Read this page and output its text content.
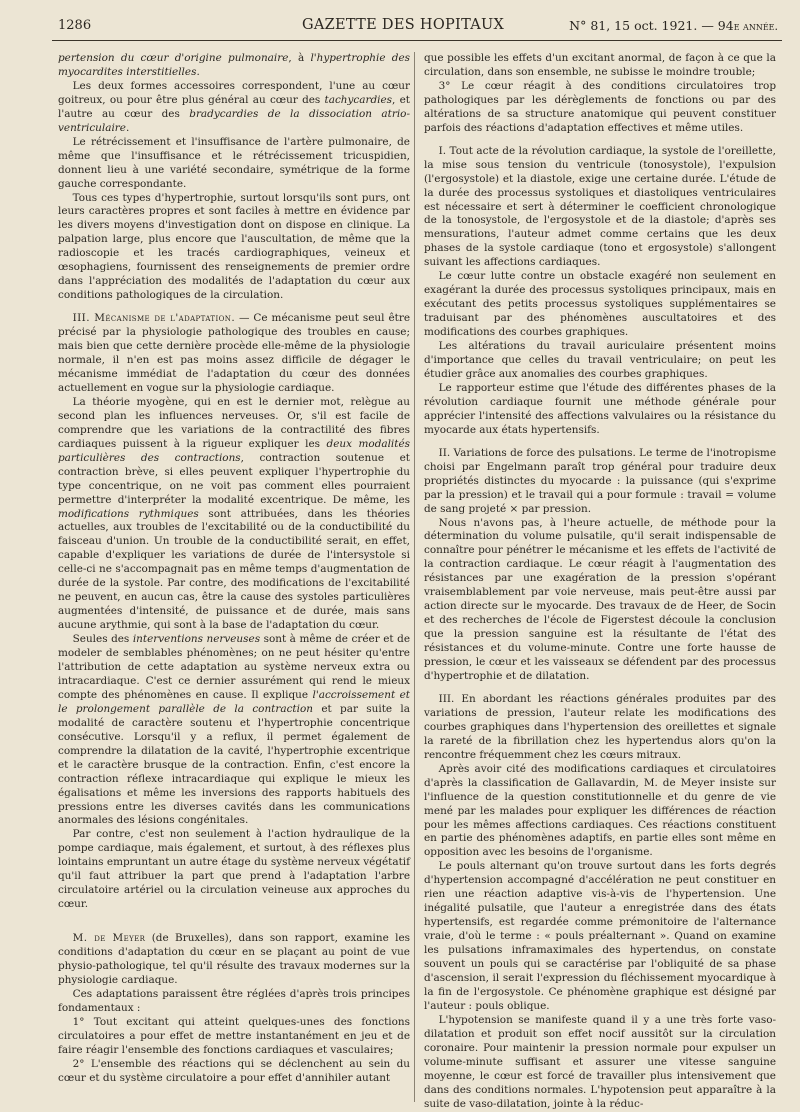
1286	GAZETTE DES HOPITAUX	N° 81, 15 oct. 1921. — 94e année.

pertension du cœur d'origine pulmonaire, à l'hypertrophie des myocardites interstitielles.

Les deux formes accessoires correspondent, l'une au cœur goitreux, ou pour être plus général au cœur des tachycardies, et l'autre au cœur des bradycardies de la dissociation atrio-ventriculaire.

Le rétrécissement et l'insuffisance de l'artère pulmonaire, de même que l'insuffisance et le rétrécissement tricuspidien, donnent lieu à une variété secondaire, symétrique de la forme gauche correspondante.

Tous ces types d'hypertrophie, surtout lorsqu'ils sont purs, ont leurs caractères propres et sont faciles à mettre en évidence par les divers moyens d'investigation dont on dispose en clinique. La palpation large, plus encore que l'auscultation, de même que la radioscopie et les tracés cardiographiques, veineux et œsophagiens, fournissent des renseignements de premier ordre dans l'appréciation des modalités de l'adaptation du cœur aux conditions pathologiques de la circulation.

III. Mécanisme de l'adaptation. — Ce mécanisme peut seul être précisé par la physiologie pathologique des troubles en cause; mais bien que cette dernière procède elle-même de la physiologie normale, il n'en est pas moins assez difficile de dégager le mécanisme immédiat de l'adaptation du cœur des données actuellement en vogue sur la physiologie cardiaque.

La théorie myogène, qui en est le dernier mot, relègue au second plan les influences nerveuses. Or, s'il est facile de comprendre que les variations de la contractilité des fibres cardiaques puissent à la rigueur expliquer les deux modalités particulières des contractions, contraction soutenue et contraction brève, si elles peuvent expliquer l'hypertrophie du type concentrique, on ne voit pas comment elles pourraient permettre d'interpréter la modalité excentrique. De même, les modifications rythmiques sont attribuées, dans les théories actuelles, aux troubles de l'excitabilité ou de la conductibilité du faisceau d'union. Un trouble de la conductibilité serait, en effet, capable d'expliquer les variations de durée de l'intersystole si celle-ci ne s'accompagnait pas en même temps d'augmentation de durée de la systole. Par contre, des modifications de l'excitabilité ne peuvent, en aucun cas, être la cause des systoles particulières augmentées d'intensité, de puissance et de durée, mais sans aucune arythmie, qui sont à la base de l'adaptation du cœur.

Seules des interventions nerveuses sont à même de créer et de modeler de semblables phénomènes; on ne peut hésiter qu'entre l'attribution de cette adaptation au système nerveux extra ou intracardiaque. C'est ce dernier assurément qui rend le mieux compte des phénomènes en cause. Il explique l'accroissement et le prolongement parallèle de la contraction et par suite la modalité de caractère soutenu et l'hypertrophie concentrique consécutive. Lorsqu'il y a reflux, il permet également de comprendre la dilatation de la cavité, l'hypertrophie excentrique et le caractère brusque de la contraction. Enfin, c'est encore la contraction réflexe intracardiaque qui explique le mieux les égalisations et même les inversions des rapports habituels des pressions entre les diverses cavités dans les communications anormales des lésions congénitales.

Par contre, c'est non seulement à l'action hydraulique de la pompe cardiaque, mais également, et surtout, à des réflexes plus lointains empruntant un autre étage du système nerveux végétatif qu'il faut attribuer la part que prend à l'adaptation l'arbre circulatoire artériel ou la circulation veineuse aux approches du cœur.

M. de Meyer (de Bruxelles), dans son rapport, examine les conditions d'adaptation du cœur en se plaçant au point de vue physio-pathologique, tel qu'il résulte des travaux modernes sur la physiologie cardiaque.

Ces adaptations paraissent être réglées d'après trois principes fondamentaux :

1° Tout excitant qui atteint quelques-unes des fonctions circulatoires a pour effet de mettre instantanément en jeu et de faire réagir l'ensemble des fonctions cardiaques et vasculaires;

2° L'ensemble des réactions qui se déclenchent au sein du cœur et du système circulatoire a pour effet d'annihiler autant

que possible les effets d'un excitant anormal, de façon à ce que la circulation, dans son ensemble, ne subisse le moindre trouble;

3° Le cœur réagit à des conditions circulatoires trop pathologiques par les dérèglements de fonctions ou par des altérations de sa structure anatomique qui peuvent constituer parfois des réactions d'adaptation effectives et même utiles.

I. Tout acte de la révolution cardiaque, la systole de l'oreillette, la mise sous tension du ventricule (tonosystole), l'expulsion (l'ergosystole) et la diastole, exige une certaine durée. L'étude de la durée des processus systoliques et diastoliques ventriculaires est nécessaire et sert à déterminer le coefficient chronologique de la tonosystole, de l'ergosystole et de la diastole; d'après ses mensurations, l'auteur admet comme certains que les deux phases de la systole cardiaque (tono et ergosystole) s'allongent suivant les affections cardiaques.

Le cœur lutte contre un obstacle exagéré non seulement en exagérant la durée des processus systoliques principaux, mais en exécutant des petits processus systoliques supplémentaires se traduisant par des phénomènes auscultatoires et des modifications des courbes graphiques.

Les altérations du travail auriculaire présentent moins d'importance que celles du travail ventriculaire; on peut les étudier grâce aux anomalies des courbes graphiques.

Le rapporteur estime que l'étude des différentes phases de la révolution cardiaque fournit une méthode générale pour apprécier l'intensité des affections valvulaires ou la résistance du myocarde aux états hypertensifs.

II. Variations de force des pulsations. Le terme de l'inotropisme choisi par Engelmann paraît trop général pour traduire deux propriétés distinctes du myocarde : la puissance (qui s'exprime par la pression) et le travail qui a pour formule : travail = volume de sang projeté × par pression.

Nous n'avons pas, à l'heure actuelle, de méthode pour la détermination du volume pulsatile, qu'il serait indispensable de connaître pour pénétrer le mécanisme et les effets de l'activité de la contraction cardiaque. Le cœur réagit à l'augmentation des résistances par une exagération de la pression s'opérant vraisemblablement par voie nerveuse, mais peut-être aussi par action directe sur le myocarde. Des travaux de de Heer, de Socin et des recherches de l'école de Figerstest découle la conclusion que la pression sanguine est la résultante de l'état des résistances et du volume-minute. Contre une forte hausse de pression, le cœur et les vaisseaux se défendent par des processus d'hypertrophie et de dilatation.

III. En abordant les réactions générales produites par des variations de pression, l'auteur relate les modifications des courbes graphiques dans l'hypertension des oreillettes et signale la rareté de la fibrillation chez les hypertendus alors qu'on la rencontre fréquemment chez les cœurs mitraux.

Après avoir cité des modifications cardiaques et circulatoires d'après la classification de Gallavardin, M. de Meyer insiste sur l'influence de la question constitutionnelle et du genre de vie mené par les malades pour expliquer les différences de réaction pour les mêmes affections cardiaques. Ces réactions constituent en partie des phénomènes adaptifs, en partie elles sont même en opposition avec les besoins de l'organisme.

Le pouls alternant qu'on trouve surtout dans les forts degrés d'hypertension accompagné d'accélération ne peut constituer en rien une réaction adaptive vis-à-vis de l'hypertension. Une inégalité pulsatile, que l'auteur a enregistrée dans des états hypertensifs, est regardée comme prémonitoire de l'alternance vraie, d'où le terme : « pouls préalternant ». Quand on examine les pulsations inframaximales des hypertendus, on constate souvent un pouls qui se caractérise par l'obliquité de sa phase d'ascension, il serait l'expression du fléchissement myocardique à la fin de l'ergosystole. Ce phénomène graphique est désigné par l'auteur : pouls oblique.

L'hypotension se manifeste quand il y a une très forte vaso-dilatation et produit son effet nocif aussitôt sur la circulation coronaire. Pour maintenir la pression normale pour expulser un volume-minute suffisant et assurer une vitesse sanguine moyenne, le cœur est forcé de travailler plus intensivement que dans des conditions normales. L'hypotension peut apparaître à la suite de vaso-dilatation, jointe à la réduc-
